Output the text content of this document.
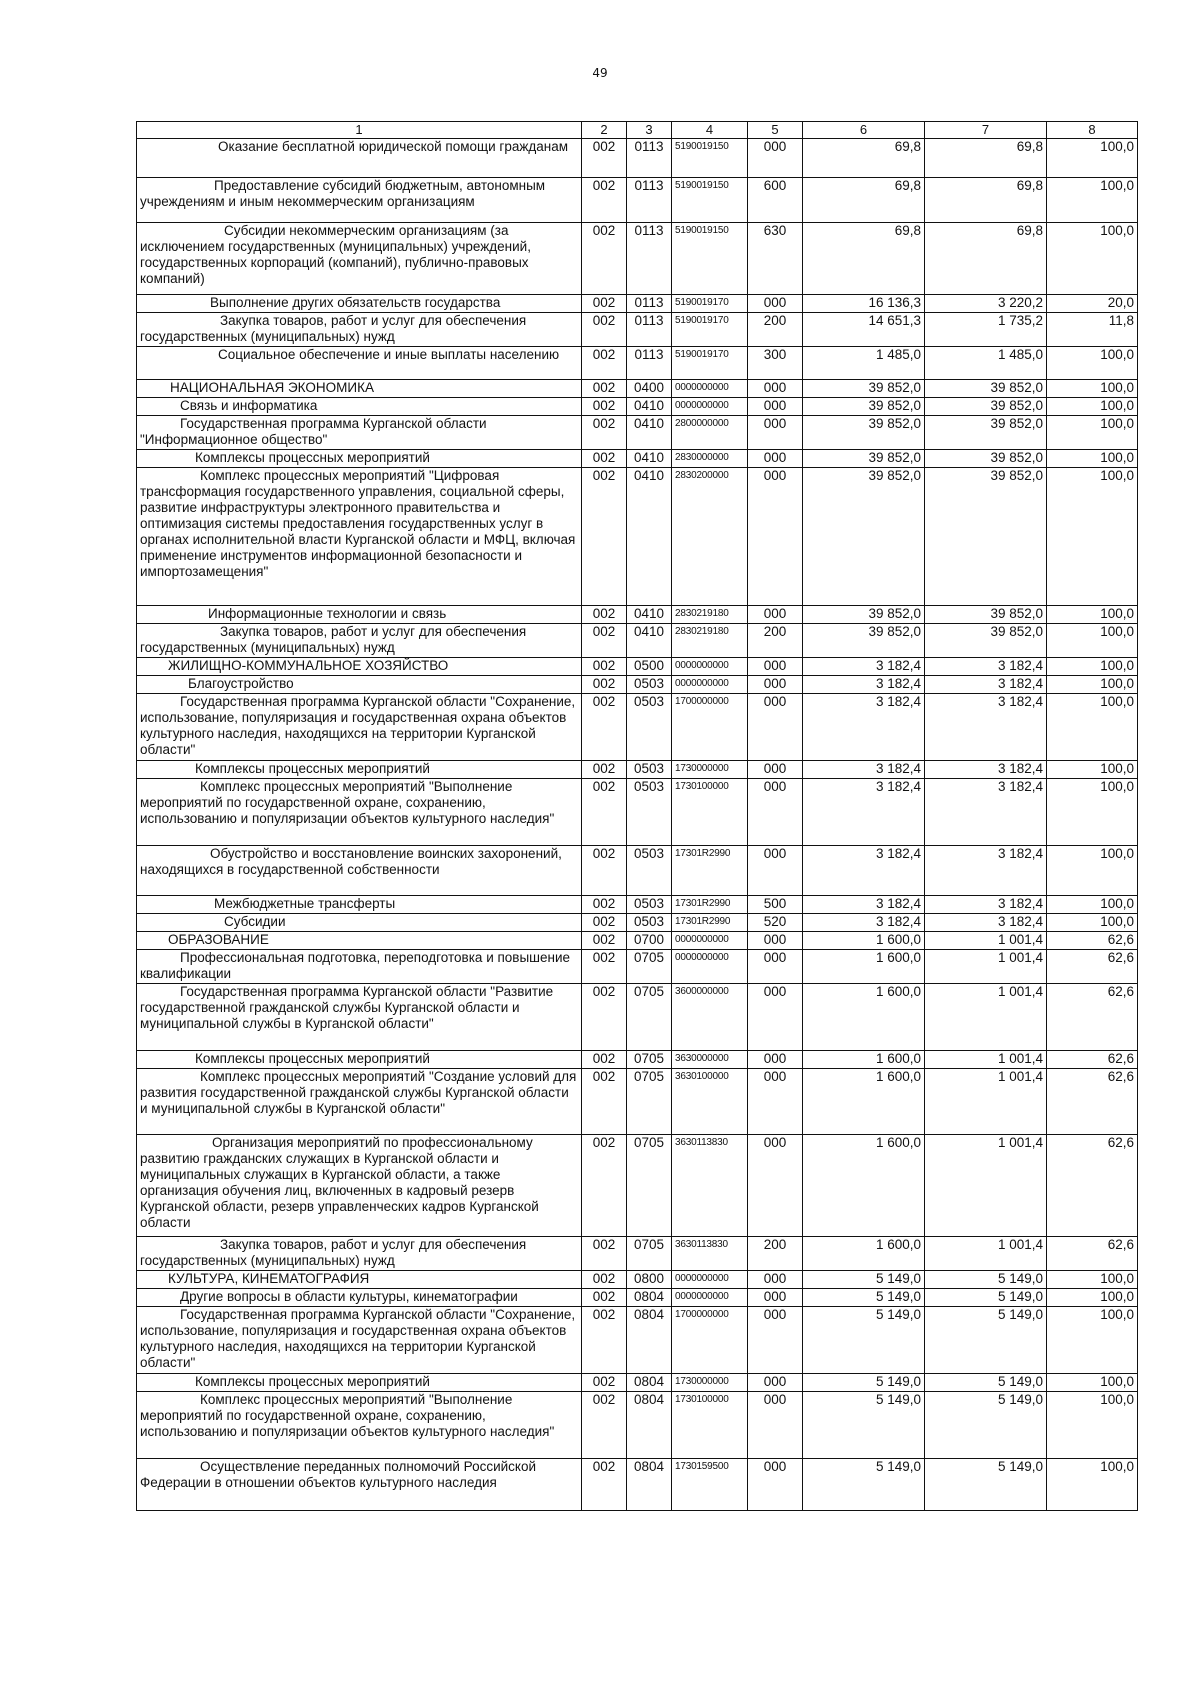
49
1	2	3	4	5	6	7	8
Оказание бесплатной юридической помощи гражданам	002	0113	5190019150	000	69,8	69,8	100,0
Предоставление субсидий бюджетным, автономным учреждениям и иным некоммерческим организациям	002	0113	5190019150	600	69,8	69,8	100,0
Субсидии некоммерческим организациям (за исключением государственных (муниципальных) учреждений, государственных корпораций (компаний), публично-правовых компаний)	002	0113	5190019150	630	69,8	69,8	100,0
Выполнение других обязательств государства	002	0113	5190019170	000	16 136,3	3 220,2	20,0
Закупка товаров, работ и услуг для обеспечения государственных (муниципальных) нужд	002	0113	5190019170	200	14 651,3	1 735,2	11,8
Социальное обеспечение и иные выплаты населению	002	0113	5190019170	300	1 485,0	1 485,0	100,0
НАЦИОНАЛЬНАЯ ЭКОНОМИКА	002	0400	0000000000	000	39 852,0	39 852,0	100,0
Связь и информатика	002	0410	0000000000	000	39 852,0	39 852,0	100,0
Государственная программа Курганской области "Информационное общество"	002	0410	2800000000	000	39 852,0	39 852,0	100,0
Комплексы процессных мероприятий	002	0410	2830000000	000	39 852,0	39 852,0	100,0
Комплекс процессных мероприятий "Цифровая трансформация государственного управления, социальной сферы, развитие инфраструктуры электронного правительства и оптимизация системы предоставления государственных услуг в органах исполнительной власти Курганской области и МФЦ, включая применение инструментов информационной безопасности и импортозамещения"	002	0410	2830200000	000	39 852,0	39 852,0	100,0
Информационные технологии и связь	002	0410	2830219180	000	39 852,0	39 852,0	100,0
Закупка товаров, работ и услуг для обеспечения государственных (муниципальных) нужд	002	0410	2830219180	200	39 852,0	39 852,0	100,0
ЖИЛИЩНО-КОММУНАЛЬНОЕ ХОЗЯЙСТВО	002	0500	0000000000	000	3 182,4	3 182,4	100,0
Благоустройство	002	0503	0000000000	000	3 182,4	3 182,4	100,0
Государственная программа Курганской области "Сохранение, использование, популяризация и государственная охрана объектов культурного наследия, находящихся на территории Курганской области"	002	0503	1700000000	000	3 182,4	3 182,4	100,0
Комплексы процессных мероприятий	002	0503	1730000000	000	3 182,4	3 182,4	100,0
Комплекс процессных мероприятий "Выполнение мероприятий по государственной охране, сохранению, использованию и популяризации объектов культурного наследия"	002	0503	1730100000	000	3 182,4	3 182,4	100,0
Обустройство и восстановление воинских захоронений, находящихся в государственной собственности	002	0503	17301R2990	000	3 182,4	3 182,4	100,0
Межбюджетные трансферты	002	0503	17301R2990	500	3 182,4	3 182,4	100,0
Субсидии	002	0503	17301R2990	520	3 182,4	3 182,4	100,0
ОБРАЗОВАНИЕ	002	0700	0000000000	000	1 600,0	1 001,4	62,6
Профессиональная подготовка, переподготовка и повышение квалификации	002	0705	0000000000	000	1 600,0	1 001,4	62,6
Государственная программа Курганской области "Развитие государственной гражданской службы Курганской области и муниципальной службы в Курганской области"	002	0705	3600000000	000	1 600,0	1 001,4	62,6
Комплексы процессных мероприятий	002	0705	3630000000	000	1 600,0	1 001,4	62,6
Комплекс процессных мероприятий "Создание условий для развития государственной гражданской службы Курганской области и муниципальной службы в Курганской области"	002	0705	3630100000	000	1 600,0	1 001,4	62,6
Организация мероприятий по профессиональному развитию гражданских служащих в Курганской области и муниципальных служащих в Курганской области, а также организация обучения лиц, включенных в кадровый резерв Курганской области, резерв управленческих кадров Курганской области	002	0705	3630113830	000	1 600,0	1 001,4	62,6
Закупка товаров, работ и услуг для обеспечения государственных (муниципальных) нужд	002	0705	3630113830	200	1 600,0	1 001,4	62,6
КУЛЬТУРА, КИНЕМАТОГРАФИЯ	002	0800	0000000000	000	5 149,0	5 149,0	100,0
Другие вопросы в области культуры, кинематографии	002	0804	0000000000	000	5 149,0	5 149,0	100,0
Государственная программа Курганской области "Сохранение, использование, популяризация и государственная охрана объектов культурного наследия, находящихся на территории Курганской области"	002	0804	1700000000	000	5 149,0	5 149,0	100,0
Комплексы процессных мероприятий	002	0804	1730000000	000	5 149,0	5 149,0	100,0
Комплекс процессных мероприятий "Выполнение мероприятий по государственной охране, сохранению, использованию и популяризации объектов культурного наследия"	002	0804	1730100000	000	5 149,0	5 149,0	100,0
Осуществление переданных полномочий Российской Федерации в отношении объектов культурного наследия	002	0804	1730159500	000	5 149,0	5 149,0	100,0
